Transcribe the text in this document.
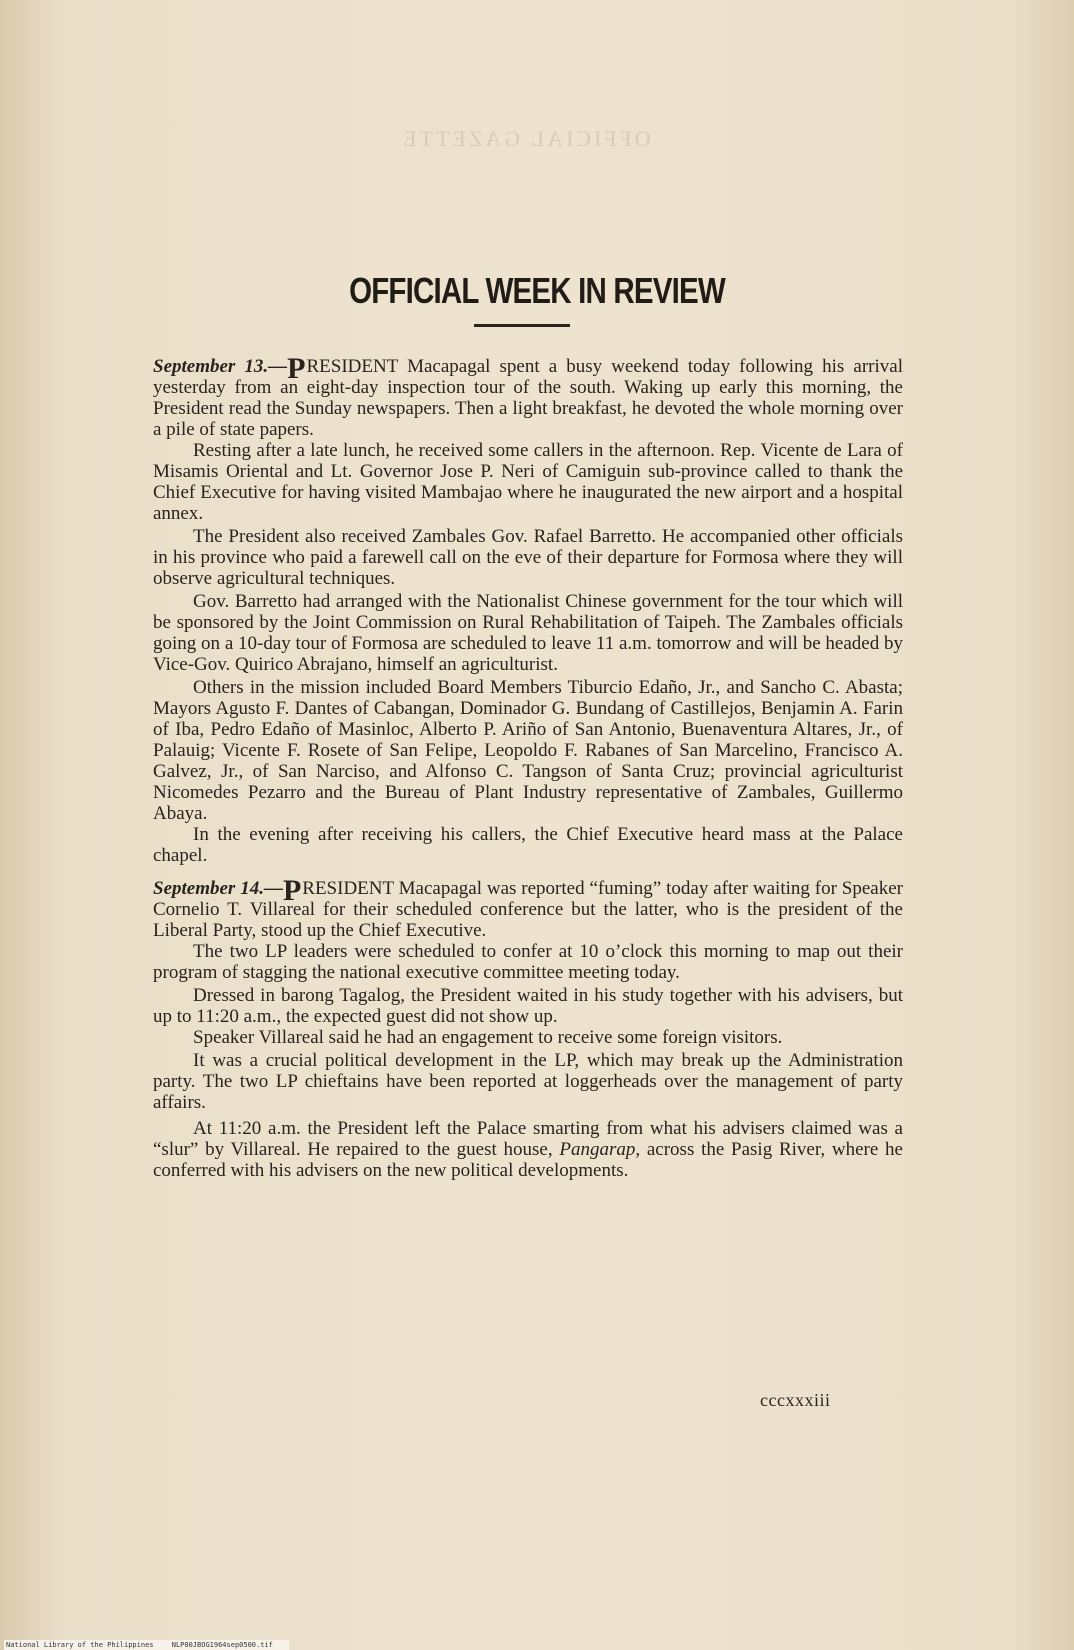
OFFICIAL GAZETTE
OFFICIAL WEEK IN REVIEW

September 13.—PRESIDENT Macapagal spent a busy weekend today following his arrival yesterday from an eight-day inspection tour of the south. Waking up early this morning, the President read the Sunday newspapers. Then a light breakfast, he devoted the whole morning over a pile of state papers.

Resting after a late lunch, he received some callers in the afternoon. Rep. Vicente de Lara of Misamis Oriental and Lt. Governor Jose P. Neri of Camiguin sub-province called to thank the Chief Executive for having visited Mambajao where he inaugurated the new airport and a hospital annex.

The President also received Zambales Gov. Rafael Barretto. He accompanied other officials in his province who paid a farewell call on the eve of their departure for Formosa where they will observe agricultural techniques.

Gov. Barretto had arranged with the Nationalist Chinese government for the tour which will be sponsored by the Joint Commission on Rural Rehabilitation of Taipeh. The Zambales officials going on a 10-day tour of Formosa are scheduled to leave 11 a.m. tomorrow and will be headed by Vice-Gov. Quirico Abrajano, himself an agriculturist.

Others in the mission included Board Members Tiburcio Edaño, Jr., and Sancho C. Abasta; Mayors Agusto F. Dantes of Cabangan, Dominador G. Bundang of Castillejos, Benjamin A. Farin of Iba, Pedro Edaño of Masinloc, Alberto P. Ariño of San Antonio, Buenaventura Altares, Jr., of Palauig; Vicente F. Rosete of San Felipe, Leopoldo F. Rabanes of San Marcelino, Francisco A. Galvez, Jr., of San Narciso, and Alfonso C. Tangson of Santa Cruz; provincial agriculturist Nicomedes Pezarro and the Bureau of Plant Industry representative of Zambales, Guillermo Abaya.

In the evening after receiving his callers, the Chief Executive heard mass at the Palace chapel.

September 14.—PRESIDENT Macapagal was reported “fuming” today after waiting for Speaker Cornelio T. Villareal for their scheduled conference but the latter, who is the president of the Liberal Party, stood up the Chief Executive.

The two LP leaders were scheduled to confer at 10 o’clock this morning to map out their program of stagging the national executive committee meeting today.

Dressed in barong Tagalog, the President waited in his study together with his advisers, but up to 11:20 a.m., the expected guest did not show up.

Speaker Villareal said he had an engagement to receive some foreign visitors.

It was a crucial political development in the LP, which may break up the Administration party. The two LP chieftains have been reported at loggerheads over the management of party affairs.

At 11:20 a.m. the President left the Palace smarting from what his advisers claimed was a “slur” by Villareal. He repaired to the guest house, Pangarap, across the Pasig River, where he conferred with his advisers on the new political developments.

cccxxxiii
National Library of the Philippines	NLP00JBOG1964sep0500.tif
